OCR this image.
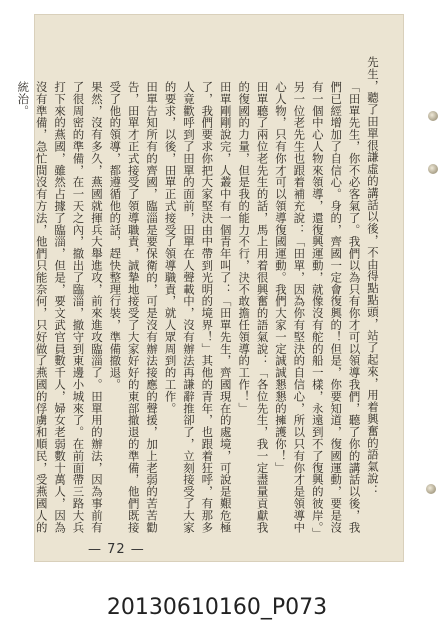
先生，聽了田單很謙虛的講話以後，不由得點點頭，站了起來，用着興奮的語氣說：

「田單先生，你不必客氣了。我們以為只有你才可以領導我們，聽了你的講話以後，我們已經增加了自信心。身的，齊國一定會復興的！但是，你要知道，復國運動，要是沒有一個中心人物來領導，還復興運動，就像沒有舵的船一樣，永遠到不了復興的彼岸。」

另一位老先生也跟着補充說：「田單，因為你有堅決的自信心，所以只有你才是領導中心人物，只有你才可以領導復國運動。我們大家一定誠誠懇懇的擁護你！」

田單聽了兩位老先生的話，馬上用着很興奮的語氣說：「各位先生，我一定盡量貢獻我的復國的力量，但是我的能力不行，決不敢擔任領導的工作！」

田單剛剛說完，人叢中有一個青年叫了：「田單先生，齊國現在的處境，可說是艱危極了，我們要求你把大家堅決由中帶到光明的境界！」其他的青年，也跟着狂呼，有那多人竟歡呼到了田單的面前，田單在人聲載中，沒有辦法再謙辭推卻了，立刻接受了大家的要求，以後，田單正式接受了領導職責，就人眾周到的工作。

田單告知所有的齊國，臨淄是要保衛的，可是沒有辦法接應的聲援，加上老弱的苦苦勸告，田單才正式接受了領導職責，誠摯地接受了大家好好的東部撤退的準備，他們既接受了他的領導，都遵循他的話，趕快整理行裝，準備撤退。

果然，沒有多久，燕國就揮兵大舉進攻，前來進攻臨淄了。田單用的辦法，因為事前有了很周密的準備，在一天之內，撤出了臨淄，撤守到東邊小城來了。在前面帶三路大兵打下來的燕國，雖然占據了臨淄，但是，要文武官員數千人，婦女老弱數十萬人，因為沒有準備，急忙間沒有方法，他們只能奈何，只好做了燕國的俘虜和順民，受燕國人的統治。

— 72 —
20130610160_P073
